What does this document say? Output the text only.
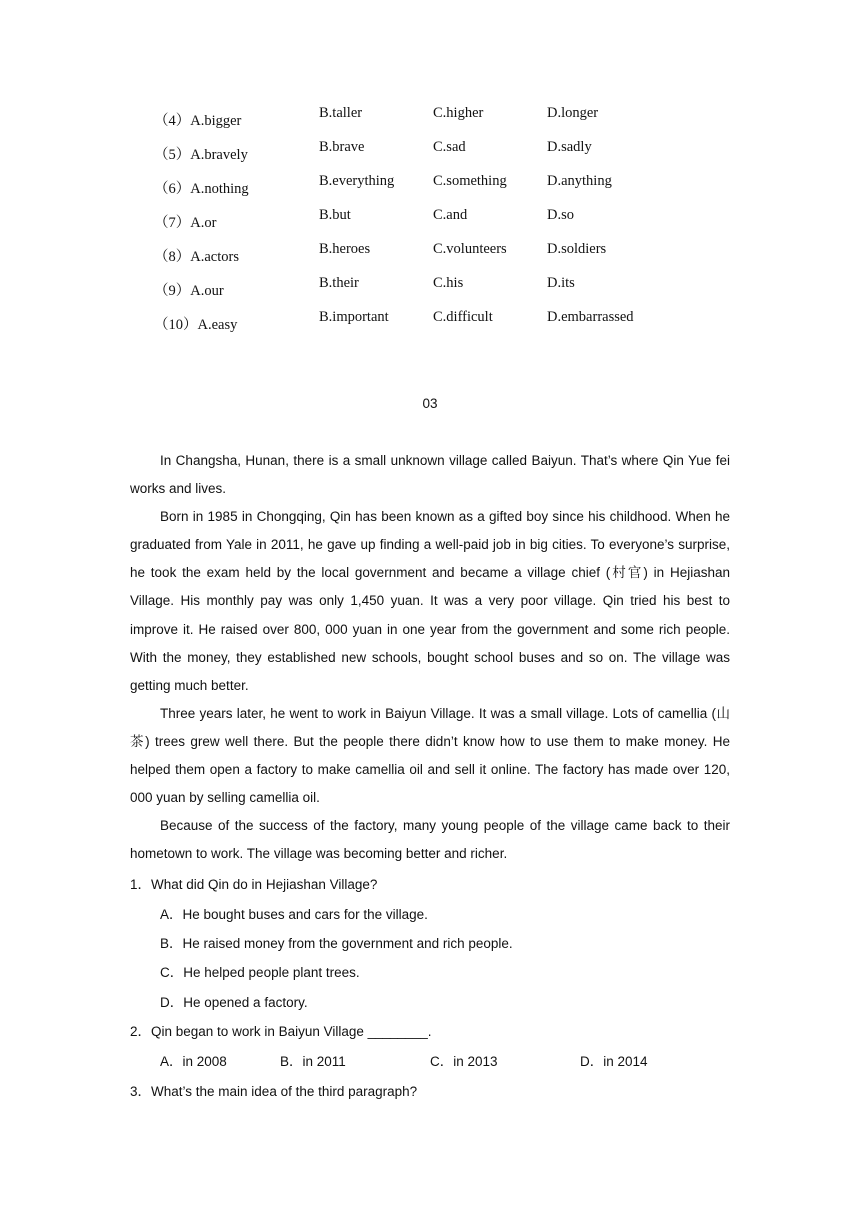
（4）A.bigger	B.taller	C.higher	D.longer
（5）A.bravely	B.brave	C.sad	D.sadly
（6）A.nothing	B.everything	C.something	D.anything
（7）A.or	B.but	C.and	D.so
（8）A.actors	B.heroes	C.volunteers	D.soldiers
（9）A.our	B.their	C.his	D.its
（10）A.easy	B.important	C.difficult	D.embarrassed
03

In Changsha, Hunan, there is a small unknown village called Baiyun. That’s where Qin Yue fei works and lives.

Born in 1985 in Chongqing, Qin has been known as a gifted boy since his childhood. When he graduated from Yale in 2011, he gave up finding a well-paid job in big cities. To everyone’s surprise, he took the exam held by the local government and became a village chief (村官) in Hejiashan Village. His monthly pay was only 1,450 yuan. It was a very poor village. Qin tried his best to improve it. He raised over 800, 000 yuan in one year from the government and some rich people. With the money, they established new schools, bought school buses and so on. The village was getting much better.

Three years later, he went to work in Baiyun Village. It was a small village. Lots of camellia (山茶) trees grew well there. But the people there didn’t know how to use them to make money. He helped them open a factory to make camellia oil and sell it online. The factory has made over 120, 000 yuan by selling camellia oil.

Because of the success of the factory, many young people of the village came back to their hometown to work. The village was becoming better and richer.

1．What did Qin do in Hejiashan Village?
A．He bought buses and cars for the village.
B．He raised money from the government and rich people.
C．He helped people plant trees.
D．He opened a factory.
2．Qin began to work in Baiyun Village ________.
A．in 2008	B．in 2011	C．in 2013	D．in 2014
3．What’s the main idea of the third paragraph?
